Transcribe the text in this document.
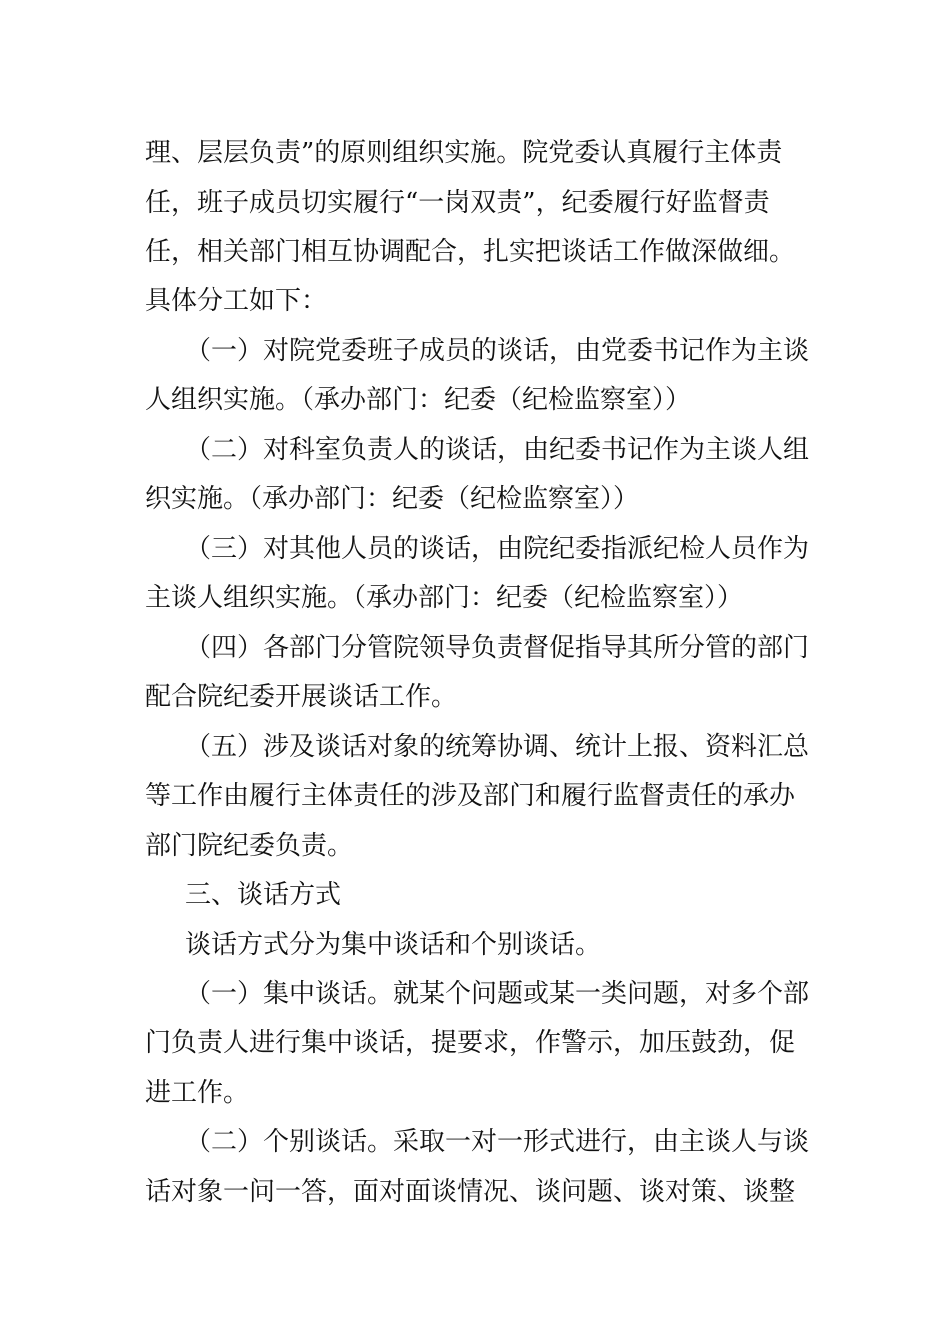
理、层层负责”的原则组织实施。院党委认真履行主体责
任，班子成员切实履行“一岗双责”，纪委履行好监督责
任，相关部门相互协调配合，扎实把谈话工作做深做细。
具体分工如下：
（一）对院党委班子成员的谈话，由党委书记作为主谈
人组织实施。（承办部门：纪委（纪检监察室））
（二）对科室负责人的谈话，由纪委书记作为主谈人组
织实施。（承办部门：纪委（纪检监察室））
（三）对其他人员的谈话，由院纪委指派纪检人员作为
主谈人组织实施。（承办部门：纪委（纪检监察室））
（四）各部门分管院领导负责督促指导其所分管的部门
配合院纪委开展谈话工作。
（五）涉及谈话对象的统筹协调、统计上报、资料汇总
等工作由履行主体责任的涉及部门和履行监督责任的承办
部门院纪委负责。
三、谈话方式
谈话方式分为集中谈话和个别谈话。
（一）集中谈话。就某个问题或某一类问题，对多个部
门负责人进行集中谈话，提要求，作警示，加压鼓劲，促
进工作。
（二）个别谈话。采取一对一形式进行，由主谈人与谈
话对象一问一答，面对面谈情况、谈问题、谈对策、谈整
